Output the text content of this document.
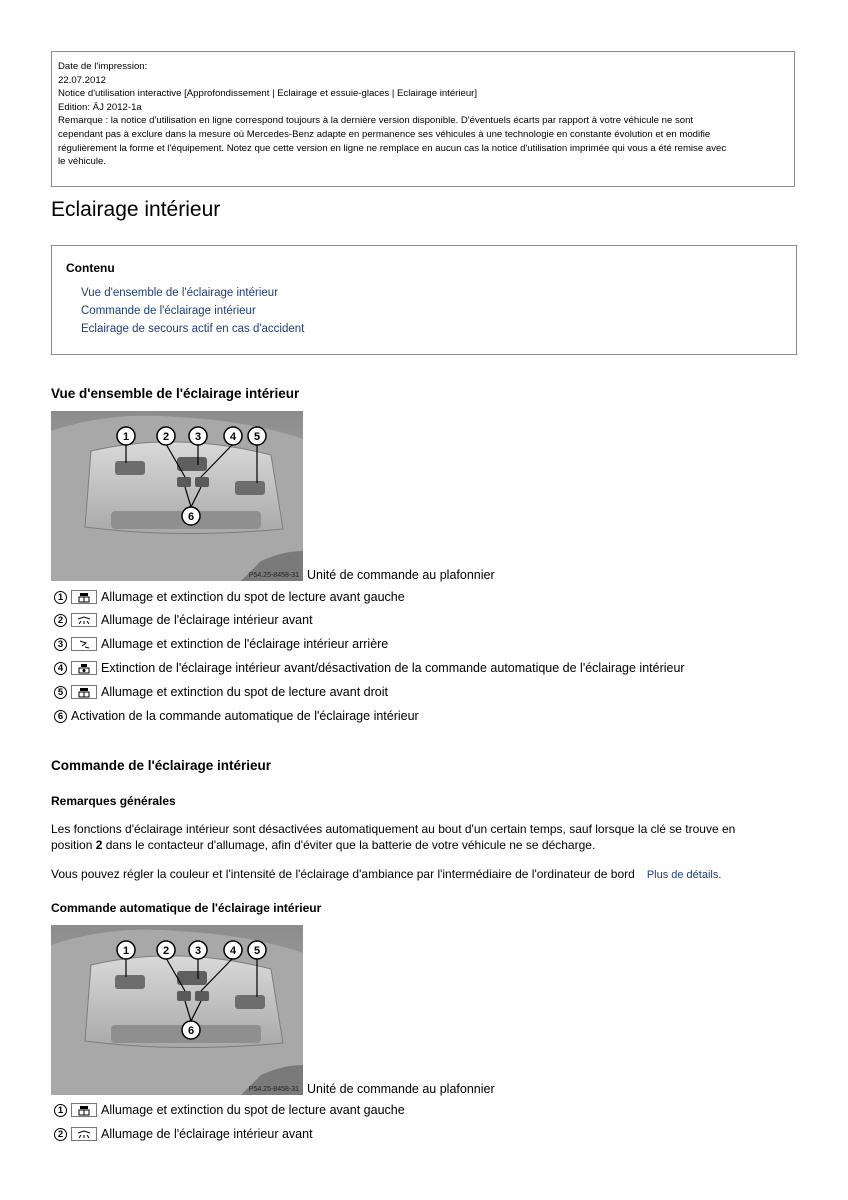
Date de l'impression:
22.07.2012
Notice d'utilisation interactive [Approfondissement | Eclairage et essuie-glaces | Eclairage intérieur]
Edition: ÄJ 2012-1a
Remarque : la notice d'utilisation en ligne correspond toujours à la dernière version disponible. D'éventuels écarts par rapport à votre véhicule ne sont
cependant pas à exclure dans la mesure où Mercedes-Benz adapte en permanence ses véhicules à une technologie en constante évolution et en modifie
régulièrement la forme et l'équipement. Notez que cette version en ligne ne remplace en aucun cas la notice d'utilisation imprimée qui vous a été remise avec
le véhicule.
Eclairage intérieur
Contenu
Vue d'ensemble de l'éclairage intérieur
Commande de l'éclairage intérieur
Eclairage de secours actif en cas d'accident
Vue d'ensemble de l'éclairage intérieur
1	2 3	4 5
6
P54.25-8458-31 Unité de commande au plafonnier
1	Allumage et extinction du spot de lecture avant gauche
2	Allumage de l'éclairage intérieur avant
3	Allumage et extinction de l'éclairage intérieur arrière
4	Extinction de l'éclairage intérieur avant/désactivation de la commande automatique de l'éclairage intérieur
5	Allumage et extinction du spot de lecture avant droit
6 Activation de la commande automatique de l'éclairage intérieur
Commande de l'éclairage intérieur
Remarques générales

Les fonctions d'éclairage intérieur sont désactivées automatiquement au bout d'un certain temps, sauf lorsque la clé se trouve en
position 2 dans le contacteur d'allumage, afin d'éviter que la batterie de votre véhicule ne se décharge.

Vous pouvez régler la couleur et l'intensité de l'éclairage d'ambiance par l'intermédiaire de l'ordinateur de bord Plus de détails.

Commande automatique de l'éclairage intérieur
1	2 3	4 5
6
P54.25-8458-31 Unité de commande au plafonnier
1	Allumage et extinction du spot de lecture avant gauche
2	Allumage de l'éclairage intérieur avant
